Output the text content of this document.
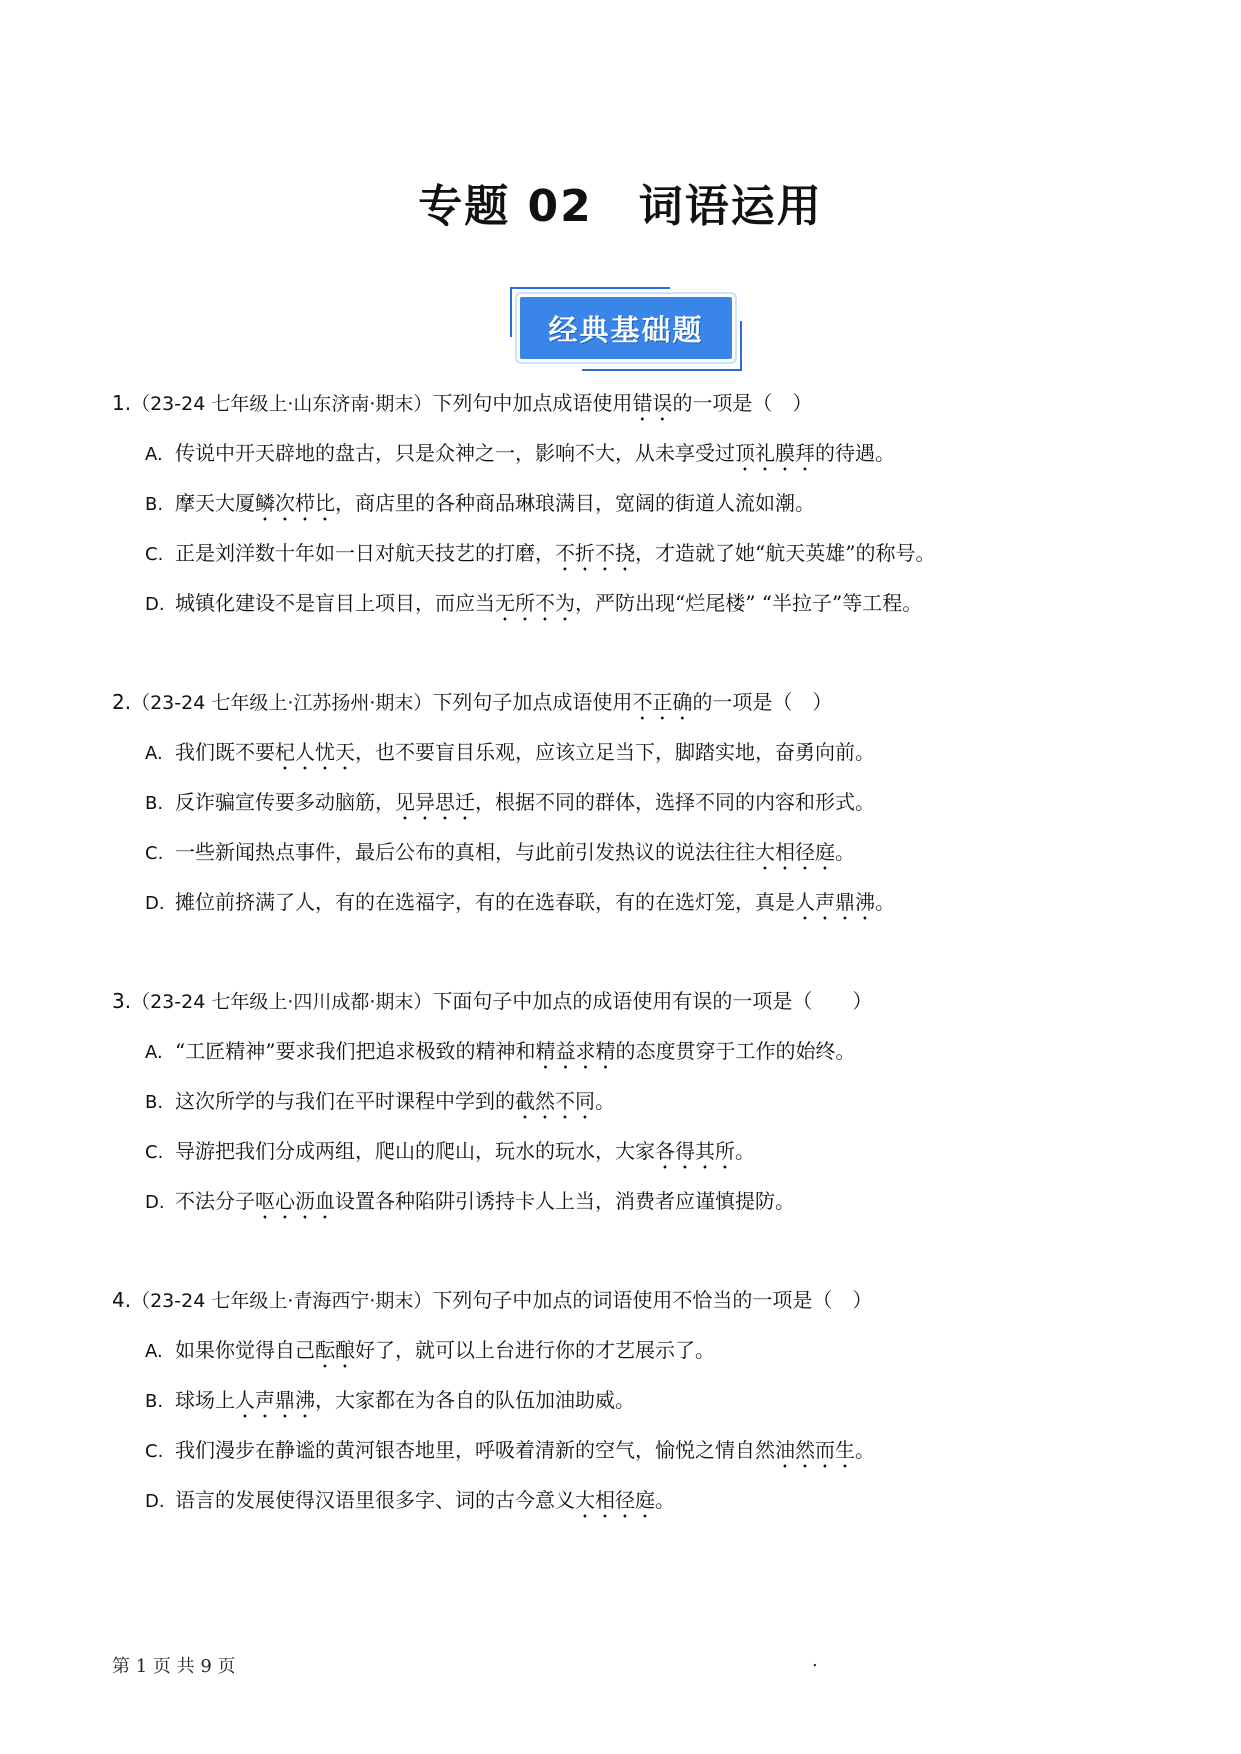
专题 02　词语运用
经典基础题
1.（23-24 七年级上·山东济南·期末）下列句中加点成语使用错误的一项是（　）
A. 传说中开天辟地的盘古，只是众神之一，影响不大，从未享受过顶礼膜拜的待遇。
B. 摩天大厦鳞次栉比，商店里的各种商品琳琅满目，宽阔的街道人流如潮。
C. 正是刘洋数十年如一日对航天技艺的打磨，不折不挠，才造就了她“航天英雄”的称号。
D. 城镇化建设不是盲目上项目，而应当无所不为，严防出现“烂尾楼” “半拉子”等工程。
2.（23-24 七年级上·江苏扬州·期末）下列句子加点成语使用不正确的一项是（　）
A. 我们既不要杞人忧天，也不要盲目乐观，应该立足当下，脚踏实地，奋勇向前。
B. 反诈骗宣传要多动脑筋，见异思迁，根据不同的群体，选择不同的内容和形式。
C. 一些新闻热点事件，最后公布的真相，与此前引发热议的说法往往大相径庭。
D. 摊位前挤满了人，有的在选福字，有的在选春联，有的在选灯笼，真是人声鼎沸。
3.（23-24 七年级上·四川成都·期末）下面句子中加点的成语使用有误的一项是（　　）
A. “工匠精神”要求我们把追求极致的精神和精益求精的态度贯穿于工作的始终。
B. 这次所学的与我们在平时课程中学到的截然不同。
C. 导游把我们分成两组，爬山的爬山，玩水的玩水，大家各得其所。
D. 不法分子呕心沥血设置各种陷阱引诱持卡人上当，消费者应谨慎提防。
4.（23-24 七年级上·青海西宁·期末）下列句子中加点的词语使用不恰当的一项是（　）
A. 如果你觉得自己酝酿好了，就可以上台进行你的才艺展示了。
B. 球场上人声鼎沸，大家都在为各自的队伍加油助威。
C. 我们漫步在静谧的黄河银杏地里，呼吸着清新的空气，愉悦之情自然油然而生。
D. 语言的发展使得汉语里很多字、词的古今意义大相径庭。
第 1 页 共 9 页	.
